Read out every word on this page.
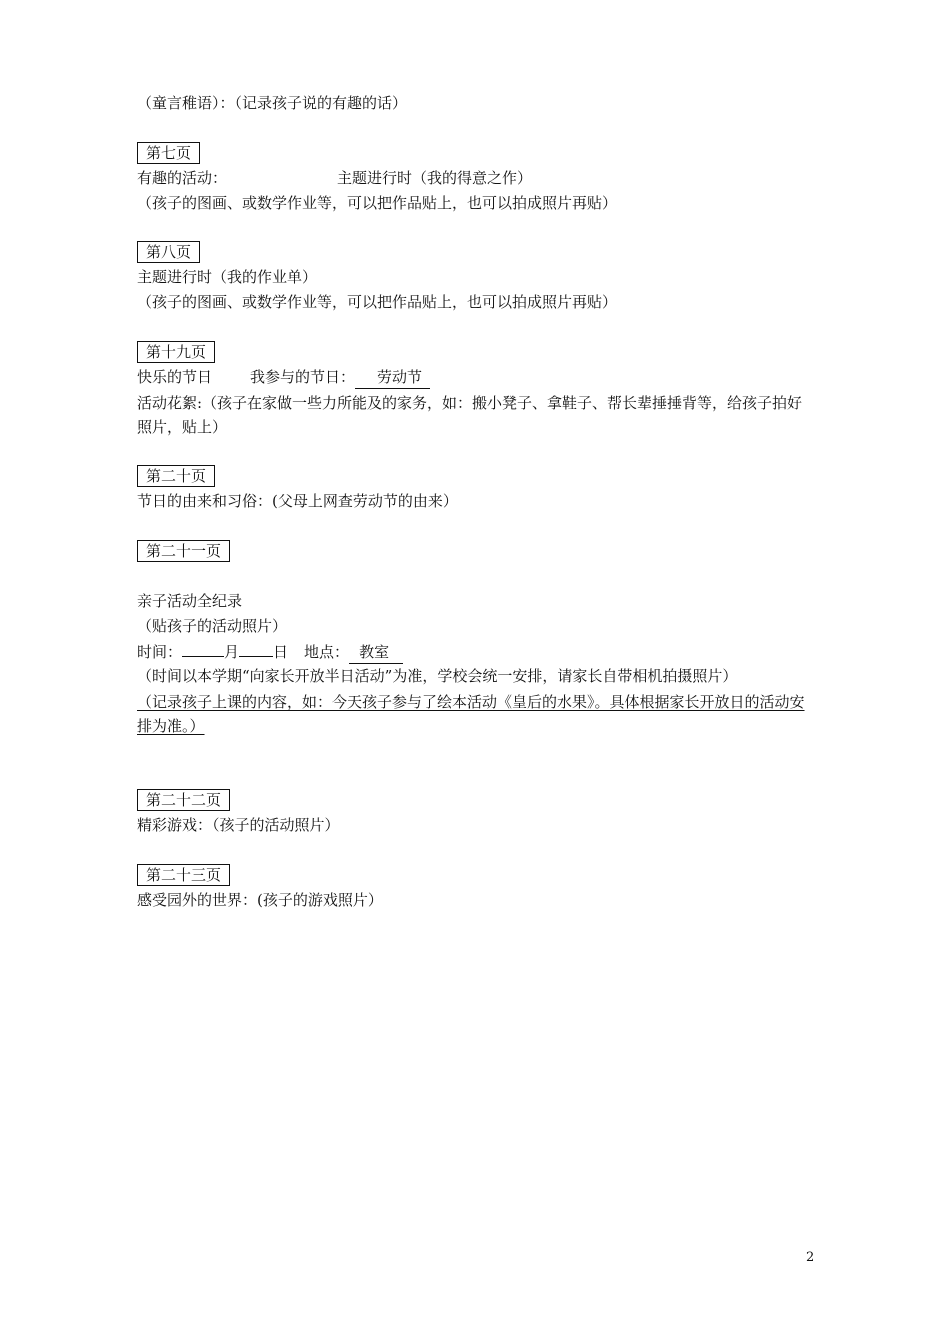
（童言稚语）：（记录孩子说的有趣的话）
第七页
有趣的活动：	主题进行时（我的得意之作）
（孩子的图画、或数学作业等，可以把作品贴上，也可以拍成照片再贴）
第八页
主题进行时（我的作业单）
（孩子的图画、或数学作业等，可以把作品贴上，也可以拍成照片再贴）
第十九页
快乐的节日	我参与的节日： 劳动节
活动花絮:（孩子在家做一些力所能及的家务，如：搬小凳子、拿鞋子、帮长辈捶捶背等，给孩子拍好照片，贴上）
第二十页
节日的由来和习俗：(父母上网查劳动节的由来）
第二十一页
亲子活动全纪录
（贴孩子的活动照片）
时间：	月 日 地点： 教室
（时间以本学期“向家长开放半日活动”为准，学校会统一安排，请家长自带相机拍摄照片）
（记录孩子上课的内容，如：今天孩子参与了绘本活动《皇后的水果》。具体根据家长开放日的活动安排为准。）
第二十二页
精彩游戏：（孩子的活动照片）
第二十三页
感受园外的世界：(孩子的游戏照片）
2
